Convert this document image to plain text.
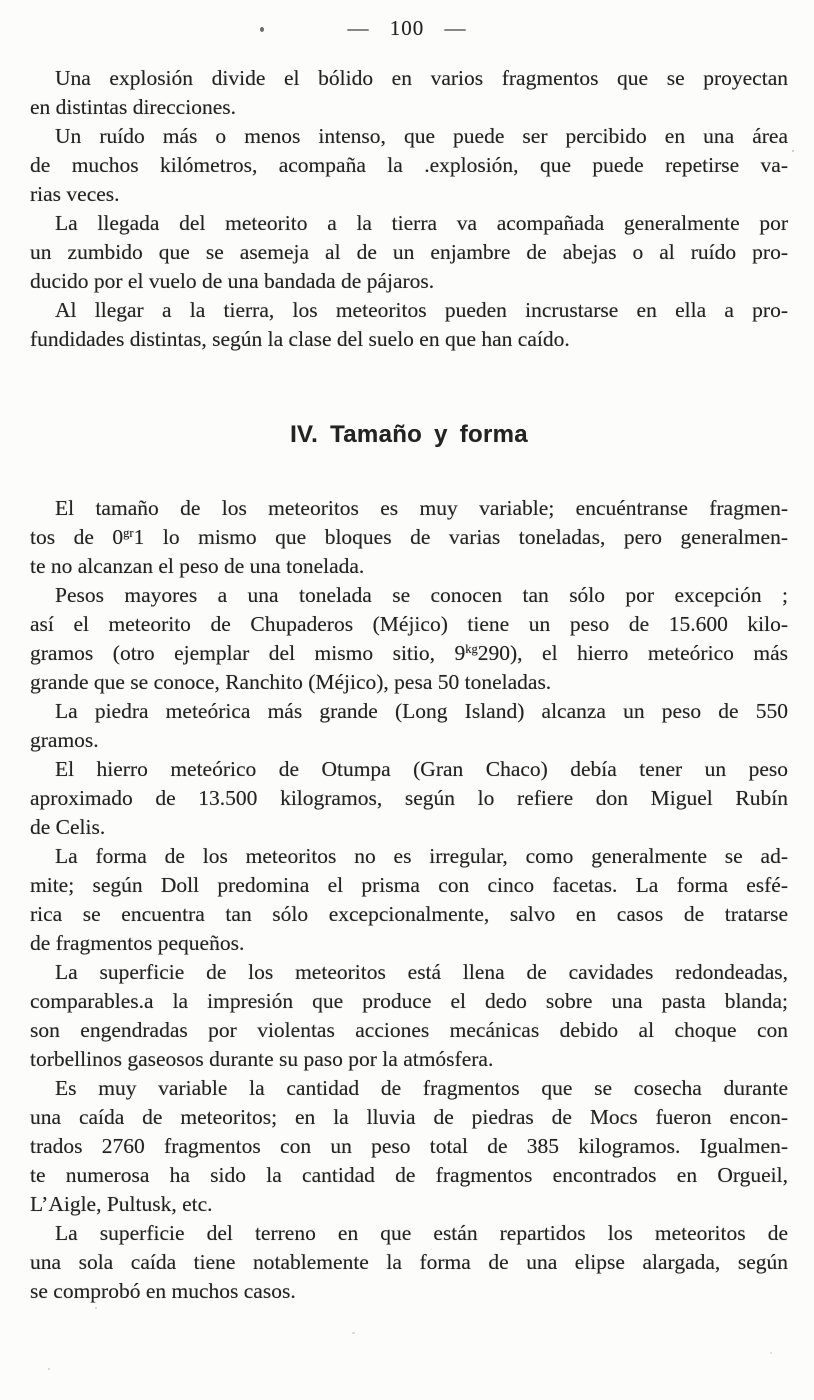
— 100 —
Una explosión divide el bólido en varios fragmentos que se proyectan
en distintas direcciones.
Un ruído más o menos intenso, que puede ser percibido en una área
de muchos kilómetros, acompaña la .explosión, que puede repetirse va-
rias veces.
La llegada del meteorito a la tierra va acompañada generalmente por
un zumbido que se asemeja al de un enjambre de abejas o al ruído pro-
ducido por el vuelo de una bandada de pájaros.
Al llegar a la tierra, los meteoritos pueden incrustarse en ella a pro-
fundidades distintas, según la clase del suelo en que han caído.
IV. Tamaño y forma
El tamaño de los meteoritos es muy variable; encuéntranse fragmen-
tos de $0^{gr}1$ lo mismo que bloques de varias toneladas, pero generalmen-
te no alcanzan el peso de una tonelada.
Pesos mayores a una tonelada se conocen tan sólo por excepción ;
así el meteorito de Chupaderos (Méjico) tiene un peso de 15.600 kilo-
gramos (otro ejemplar del mismo sitio, $9^{kg}290$), el hierro meteórico más
grande que se conoce, Ranchito (Méjico), pesa 50 toneladas.
La piedra meteórica más grande (Long Island) alcanza un peso de 550
gramos.
El hierro meteórico de Otumpa (Gran Chaco) debía tener un peso
aproximado de 13.500 kilogramos, según lo refiere don Miguel Rubín
de Celis.
La forma de los meteoritos no es irregular, como generalmente se ad-
mite; según Doll predomina el prisma con cinco facetas. La forma esfé-
rica se encuentra tan sólo excepcionalmente, salvo en casos de tratarse
de fragmentos pequeños.
La superficie de los meteoritos está llena de cavidades redondeadas,
comparables.a la impresión que produce el dedo sobre una pasta blanda;
son engendradas por violentas acciones mecánicas debido al choque con
torbellinos gaseosos durante su paso por la atmósfera.
Es muy variable la cantidad de fragmentos que se cosecha durante
una caída de meteoritos; en la lluvia de piedras de Mocs fueron encon-
trados 2760 fragmentos con un peso total de 385 kilogramos. Igualmen-
te numerosa ha sido la cantidad de fragmentos encontrados en Orgueil,
L’Aigle, Pultusk, etc.
La superficie del terreno en que están repartidos los meteoritos de
una sola caída tiene notablemente la forma de una elipse alargada, según
se comprobó en muchos casos.
